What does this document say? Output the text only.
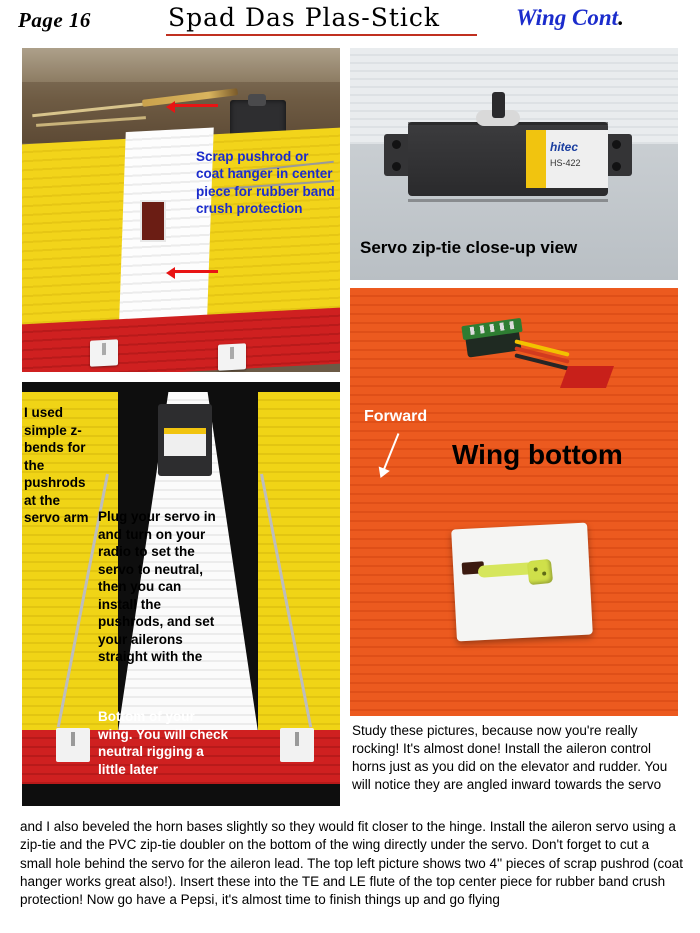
Page 16	Spad Das Plas-Stick	Wing Cont.
Scrap pushrod or coat hanger in center piece for rubber band crush protection
hitec
HS-422
Servo zip-tie close-up view
Forward
Wing bottom
I used simple z-bends for the pushrods at the servo arm Plug your servo in and turn on your radio to set the servo to neutral, then you can install the pushrods, and set your ailerons straight with the
Bottom of your wing. You will check neutral rigging a little later
Study these pictures, because now you're really rocking! It's almost done! Install the aileron control horns just as you did on the elevator and rudder. You will notice they are angled inward towards the servo
and I also beveled the horn bases slightly so they would fit closer to the hinge. Install the aileron servo using a zip-tie and the PVC zip-tie doubler on the bottom of the wing directly under the servo. Don't forget to cut a small hole behind the servo for the aileron lead. The top left picture shows two 4'' pieces of scrap pushrod (coat hanger works great also!). Insert these into the TE and LE flute of the top center piece for rubber band crush protection! Now go have a Pepsi, it's almost time to finish things up and go flying
